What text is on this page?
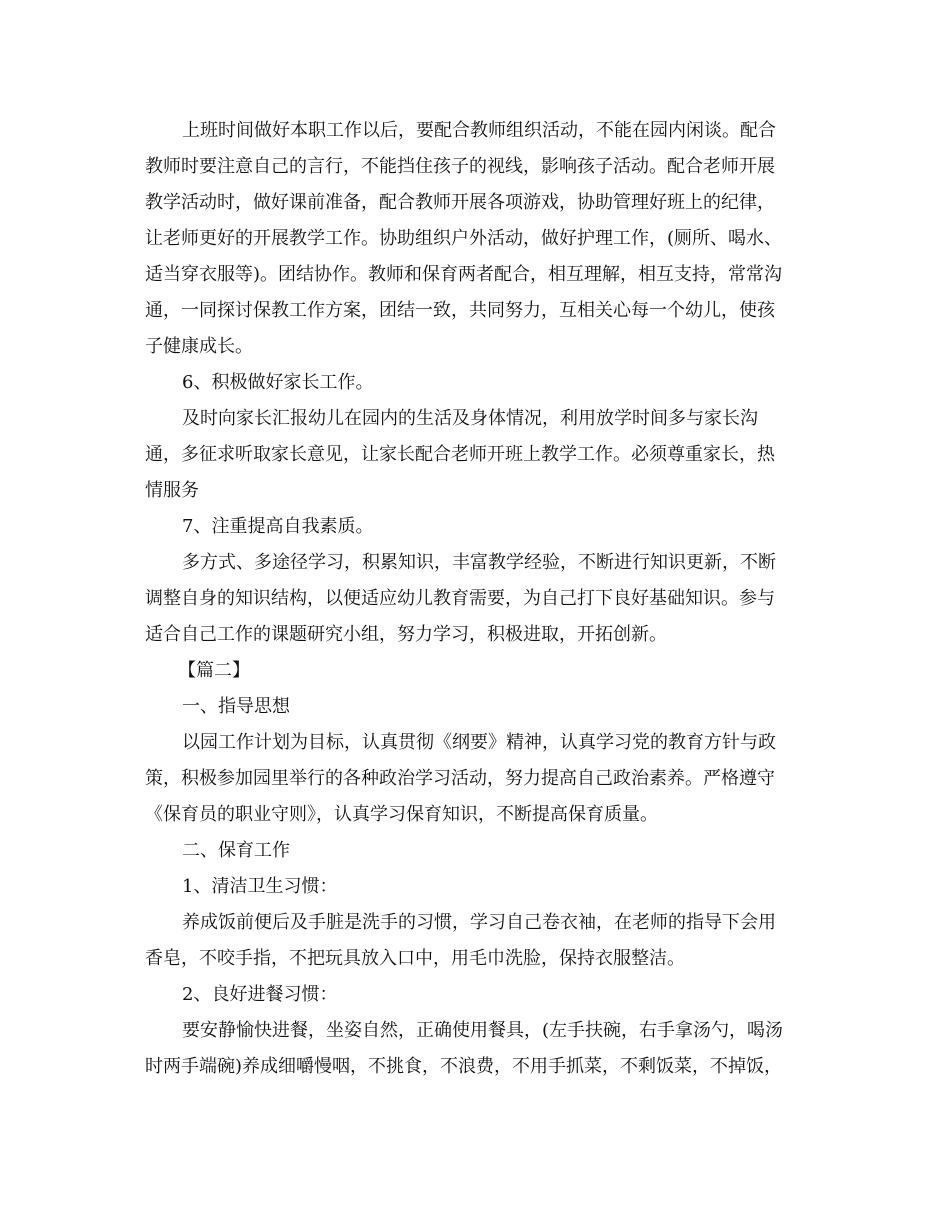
上班时间做好本职工作以后，要配合教师组织活动，不能在园内闲谈。配合
教师时要注意自己的言行，不能挡住孩子的视线，影响孩子活动。配合老师开展
教学活动时，做好课前准备，配合教师开展各项游戏，协助管理好班上的纪律，
让老师更好的开展教学工作。协助组织户外活动，做好护理工作，(厕所、喝水、
适当穿衣服等)。团结协作。教师和保育两者配合，相互理解，相互支持，常常沟
通，一同探讨保教工作方案，团结一致，共同努力，互相关心每一个幼儿，使孩
子健康成长。
6、积极做好家长工作。
及时向家长汇报幼儿在园内的生活及身体情况，利用放学时间多与家长沟
通，多征求听取家长意见，让家长配合老师开班上教学工作。必须尊重家长，热
情服务
7、注重提高自我素质。
多方式、多途径学习，积累知识，丰富教学经验，不断进行知识更新，不断
调整自身的知识结构，以便适应幼儿教育需要，为自己打下良好基础知识。参与
适合自己工作的课题研究小组，努力学习，积极进取，开拓创新。
【篇二】
一、指导思想
以园工作计划为目标，认真贯彻《纲要》精神，认真学习党的教育方针与政
策，积极参加园里举行的各种政治学习活动，努力提高自己政治素养。严格遵守
《保育员的职业守则》，认真学习保育知识，不断提高保育质量。
二、保育工作
1、清洁卫生习惯：
养成饭前便后及手脏是洗手的习惯，学习自己卷衣袖，在老师的指导下会用
香皂，不咬手指，不把玩具放入口中，用毛巾洗脸，保持衣服整洁。
2、良好进餐习惯：
要安静愉快进餐，坐姿自然，正确使用餐具，(左手扶碗，右手拿汤勺，喝汤
时两手端碗)养成细嚼慢咽，不挑食，不浪费，不用手抓菜，不剩饭菜，不掉饭，
